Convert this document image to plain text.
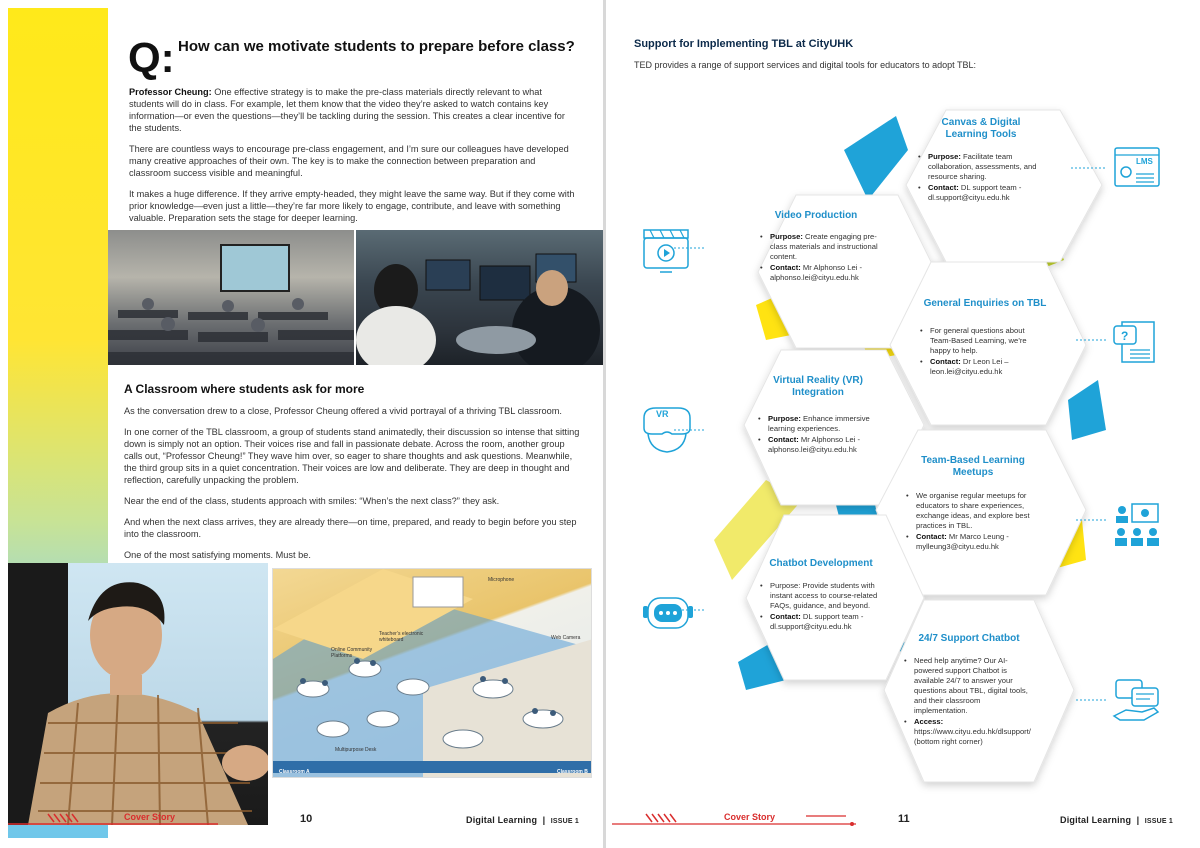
Q: How can we motivate students to prepare before class?

Professor Cheung: One effective strategy is to make the pre-class materials directly relevant to what students will do in class. For example, let them know that the video they’re asked to watch contains key information—or even the questions—they’ll be tackling during the session. This creates a clear incentive for the students.

There are countless ways to encourage pre-class engagement, and I’m sure our colleagues have developed many creative approaches of their own. The key is to make the connection between preparation and classroom success visible and meaningful.

It makes a huge difference. If they arrive empty-headed, they might leave the same way. But if they come with prior knowledge—even just a little—they’re far more likely to engage, contribute, and leave with something valuable. Preparation sets the stage for deeper learning.

A Classroom where students ask for more

As the conversation drew to a close, Professor Cheung offered a vivid portrayal of a thriving TBL classroom.

In one corner of the TBL classroom, a group of students stand animatedly, their discussion so intense that sitting down is simply not an option. Their voices rise and fall in passionate debate. Across the room, another group calls out, “Professor Cheung!” They wave him over, so eager to share thoughts and ask questions. Meanwhile, the third group sits in a quiet concentration. Their voices are low and deliberate. They are deep in thought and reflection, carefully unpacking the problem.

Near the end of the class, students approach with smiles: “When’s the next class?” they ask.

And when the next class arrives, they are already there—on time, prepared, and ready to begin before you step into the classroom.

One of the most satisfying moments. Must be.

Microphone
Web Camera
Teacher’s electronic whiteboard
Online Community Platforms
Multipurpose Desk
Classroom A	Classroom B
Cover Story	10	Digital Learning  |  ISSUE 1
Support for Implementing TBL at CityUHK
TED provides a range of support services and digital tools for educators to adopt TBL:
Canvas & Digital Learning Tools
• Purpose: Facilitate team collaboration, assessments, and resource sharing.
• Contact: DL support team - dl.support@cityu.edu.hk
Video Production
• Purpose: Create engaging pre-class materials and instructional content.
• Contact: Mr Alphonso Lei - alphonso.lei@cityu.edu.hk
General Enquiries on TBL
• For general questions about Team-Based Learning, we’re happy to help.
• Contact: Dr Leon Lei – leon.lei@cityu.edu.hk
Virtual Reality (VR) Integration
• Purpose: Enhance immersive learning experiences.
• Contact: Mr Alphonso Lei - alphonso.lei@cityu.edu.hk
Team-Based Learning Meetups
• We organise regular meetups for educators to share experiences, exchange ideas, and explore best practices in TBL.
• Contact: Mr Marco Leung - mylleung3@cityu.edu.hk
Chatbot Development
• Purpose: Provide students with instant access to course-related FAQs, guidance, and beyond.
• Contact: DL support team - dl.support@cityu.edu.hk
24/7 Support Chatbot
• Need help anytime? Our AI-powered support Chatbot is available 24/7 to answer your questions about TBL, digital tools, and their classroom implementation.
• Access: https://www.cityu.edu.hk/dlsupport/ (bottom right corner)
VR
LMS
?
Cover Story	11	Digital Learning  |  ISSUE 1
